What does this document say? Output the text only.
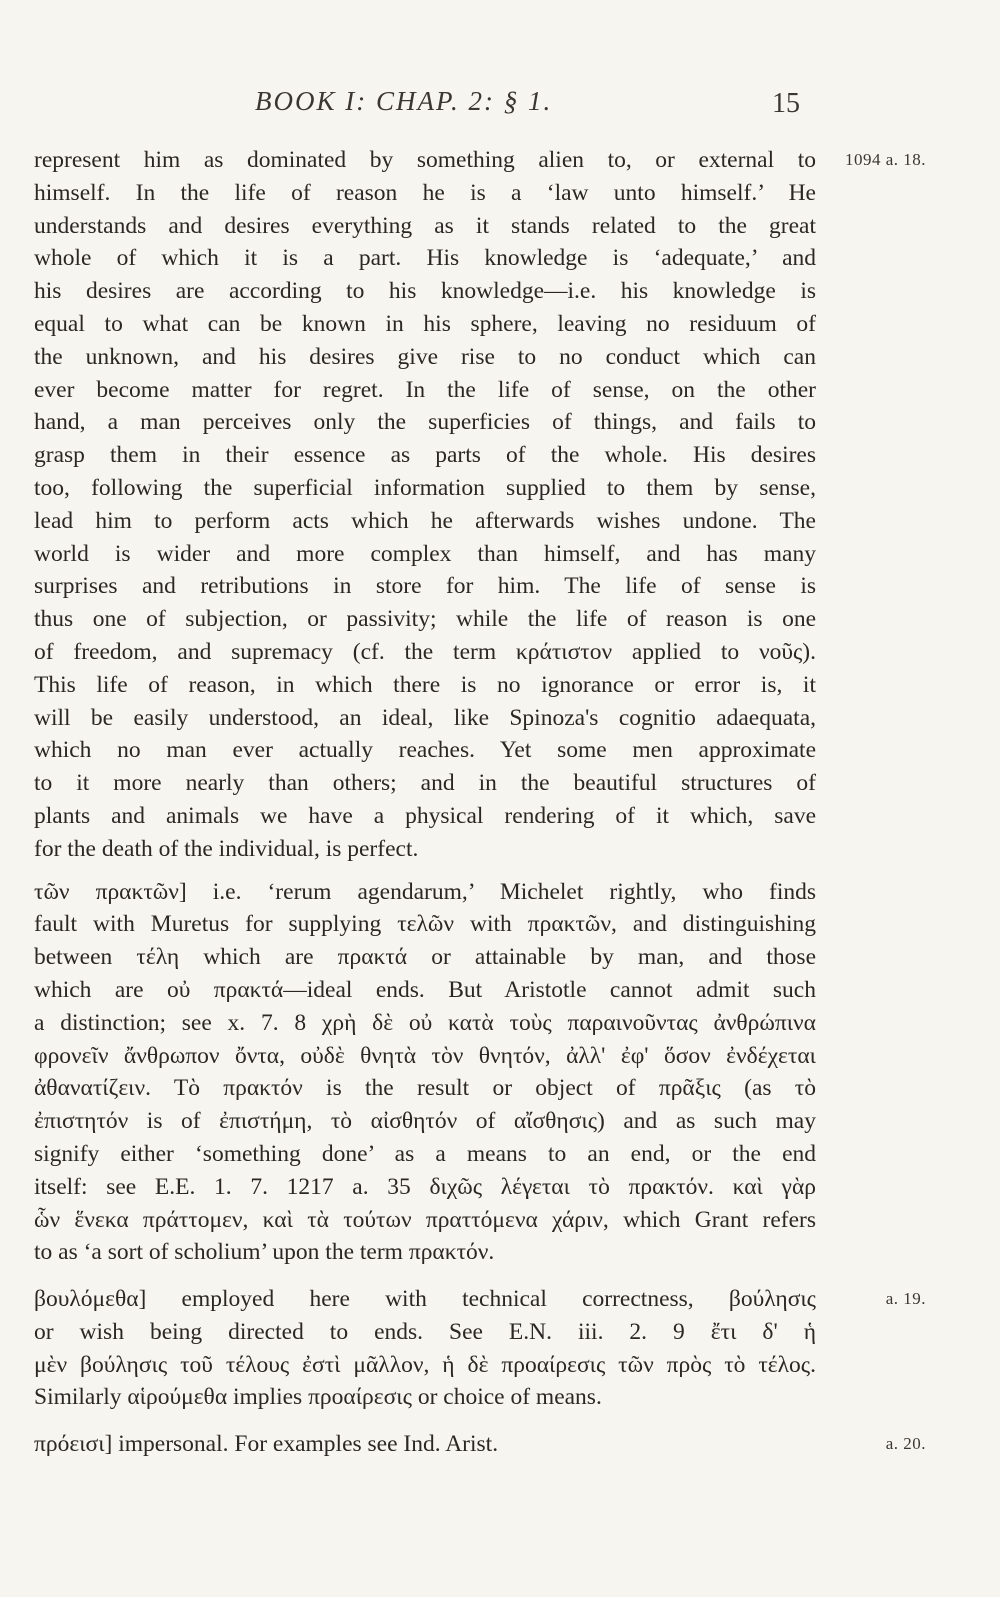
BOOK I: CHAP. 2: § 1.	15
represent him as dominated by something alien to, or external to 1094 a. 18.
himself. In the life of reason he is a ‘law unto himself.’ He
understands and desires everything as it stands related to the great
whole of which it is a part. His knowledge is ‘adequate,’ and
his desires are according to his knowledge—i.e. his knowledge is
equal to what can be known in his sphere, leaving no residuum of
the unknown, and his desires give rise to no conduct which can
ever become matter for regret. In the life of sense, on the other
hand, a man perceives only the superficies of things, and fails to
grasp them in their essence as parts of the whole. His desires
too, following the superficial information supplied to them by sense,
lead him to perform acts which he afterwards wishes undone. The
world is wider and more complex than himself, and has many
surprises and retributions in store for him. The life of sense is
thus one of subjection, or passivity; while the life of reason is one
of freedom, and supremacy (cf. the term κράτιστον applied to νοῦς).
This life of reason, in which there is no ignorance or error is, it
will be easily understood, an ideal, like Spinoza's cognitio adaequata,
which no man ever actually reaches. Yet some men approximate
to it more nearly than others; and in the beautiful structures of
plants and animals we have a physical rendering of it which, save
for the death of the individual, is perfect.
τῶν πρακτῶν] i.e. ‘rerum agendarum,’ Michelet rightly, who finds
fault with Muretus for supplying τελῶν with πρακτῶν, and distinguishing
between τέλη which are πρακτά or attainable by man, and those
which are οὐ πρακτά—ideal ends. But Aristotle cannot admit such
a distinction; see x. 7. 8 χρὴ δὲ οὐ κατὰ τοὺς παραινοῦντας ἀνθρώπινα
φρονεῖν ἄνθρωπον ὄντα, οὐδὲ θνητὰ τὸν θνητόν, ἀλλ' ἐφ' ὅσον ἐνδέχεται
ἀθανατίζειν. Τὸ πρακτόν is the result or object of πρᾶξις (as τὸ
ἐπιστητόν is of ἐπιστήμη, τὸ αἰσθητόν of αἴσθησις) and as such may
signify either ‘something done’ as a means to an end, or the end
itself: see E.E. 1. 7. 1217 a. 35 διχῶς λέγεται τὸ πρακτόν. καὶ γὰρ
ὧν ἕνεκα πράττομεν, καὶ τὰ τούτων πραττόμενα χάριν, which Grant refers
to as ‘a sort of scholium’ upon the term πρακτόν.
βουλόμεθα] employed here with technical correctness, βούλησις	a. 19.
or wish being directed to ends. See E.N. iii. 2. 9 ἔτι δ' ἡ
μὲν βούλησις τοῦ τέλους ἐστὶ μᾶλλον, ἡ δὲ προαίρεσις τῶν πρὸς τὸ τέλος.
Similarly αἱρούμεθα implies προαίρεσις or choice of means.
πρόεισι] impersonal. For examples see Ind. Arist.	a. 20.
